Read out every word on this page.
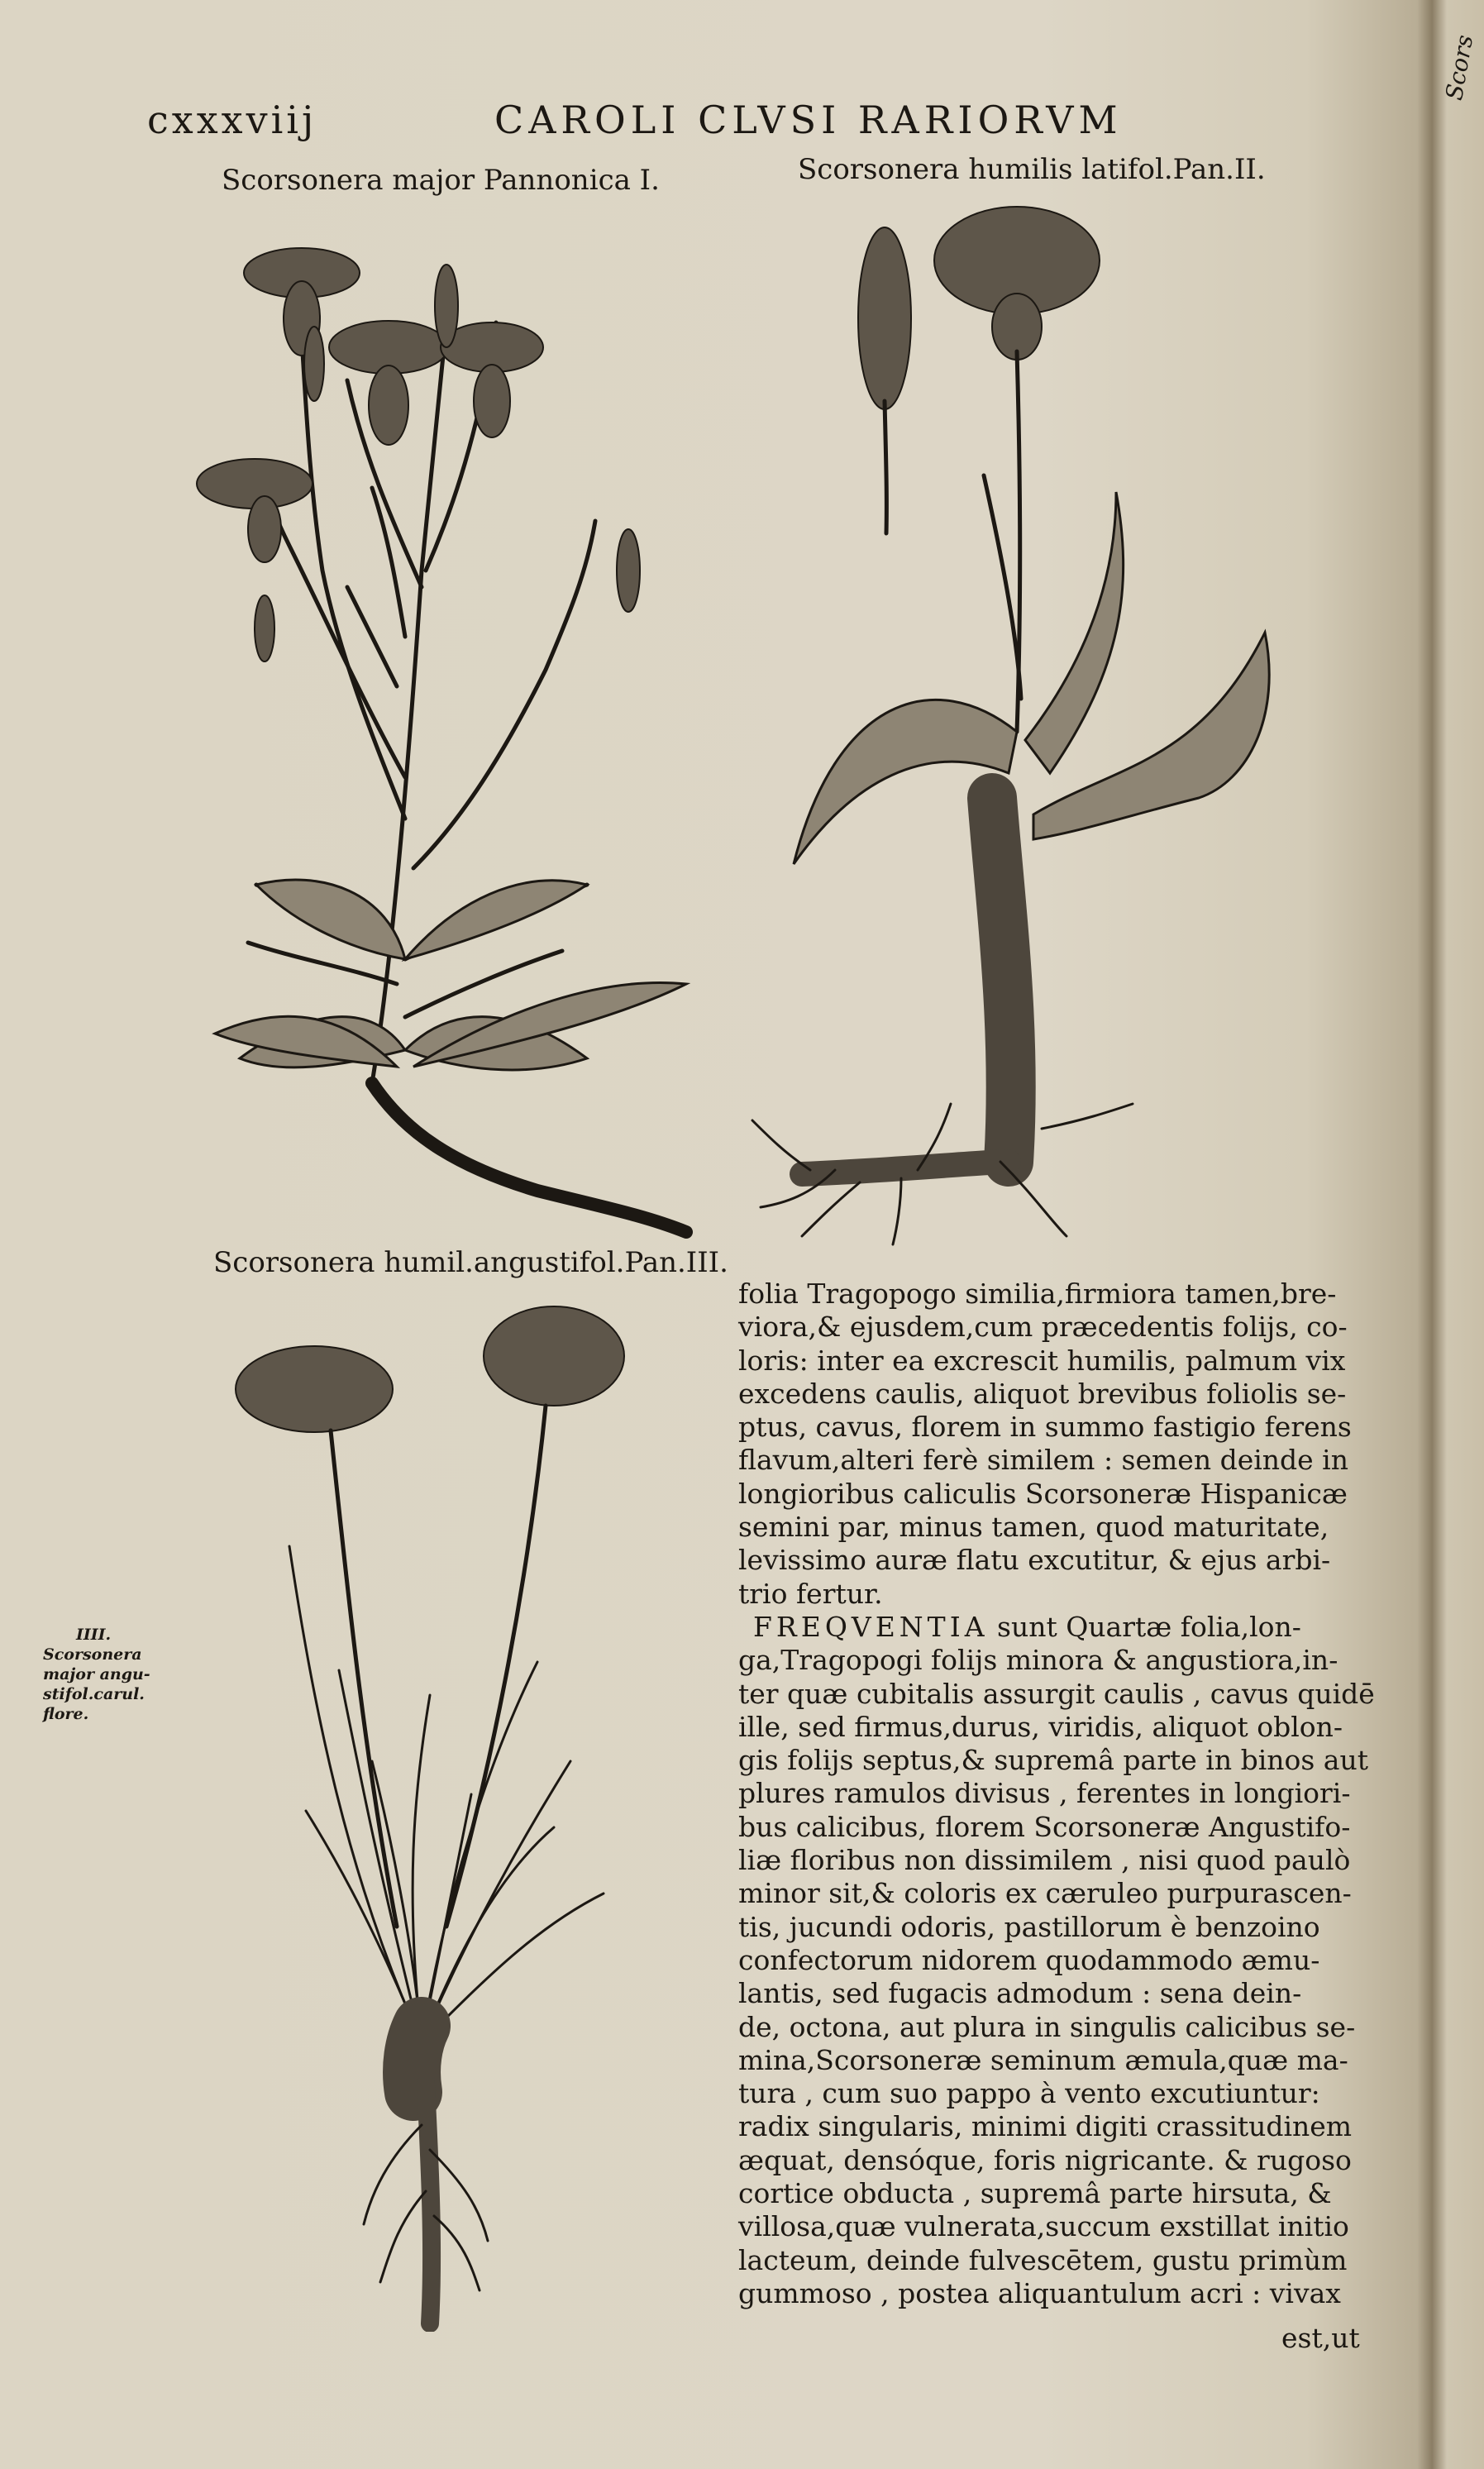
cxxxviij	CAROLI CLVSI RARIORVM
Scorsonera major Pannonica I.	Scorsonera humilis latifol.Pan.II.
Scorsonera humil.angustifol.Pan.III.
IIII.
Scorsonera
major angu-
stifol.carul.
flore.
folia Tragopogo similia,firmiora tamen,bre-
viora,& ejusdem,cum præcedentis folijs, co-
loris: inter ea excrescit humilis, palmum vix
excedens caulis, aliquot brevibus foliolis se-
ptus, cavus, florem in summo fastigio ferens
flavum,alteri ferè similem : semen deinde in
longioribus caliculis Scorsoneræ Hispanicæ
semini par, minus tamen, quod maturitate,
levissimo auræ flatu excutitur, & ejus arbi-
trio fertur.
FREQVENTIA sunt Quartæ folia,lon-
ga,Tragopogi folijs minora & angustiora,in-
ter quæ cubitalis assurgit caulis , cavus quidē
ille, sed firmus,durus, viridis, aliquot oblon-
gis folijs septus,& supremâ parte in binos aut
plures ramulos divisus , ferentes in longiori-
bus calicibus, florem Scorsoneræ Angustifo-
liæ floribus non dissimilem , nisi quod paulò
minor sit,& coloris ex cæruleo purpurascen-
tis, jucundi odoris, pastillorum è benzoino
confectorum nidorem quodammodo æmu-
lantis, sed fugacis admodum : sena dein-
de, octona, aut plura in singulis calicibus se-
mina,Scorsoneræ seminum æmula,quæ ma-
tura , cum suo pappo à vento excutiuntur:
radix singularis, minimi digiti crassitudinem
æquat, densóque, foris nigricante. & rugoso
cortice obducta , supremâ parte hirsuta, &
villosa,quæ vulnerata,succum exstillat initio
lacteum, deinde fulvescētem, gustu primùm
gummoso , postea aliquantulum acri : vivax
est,ut
Scors
